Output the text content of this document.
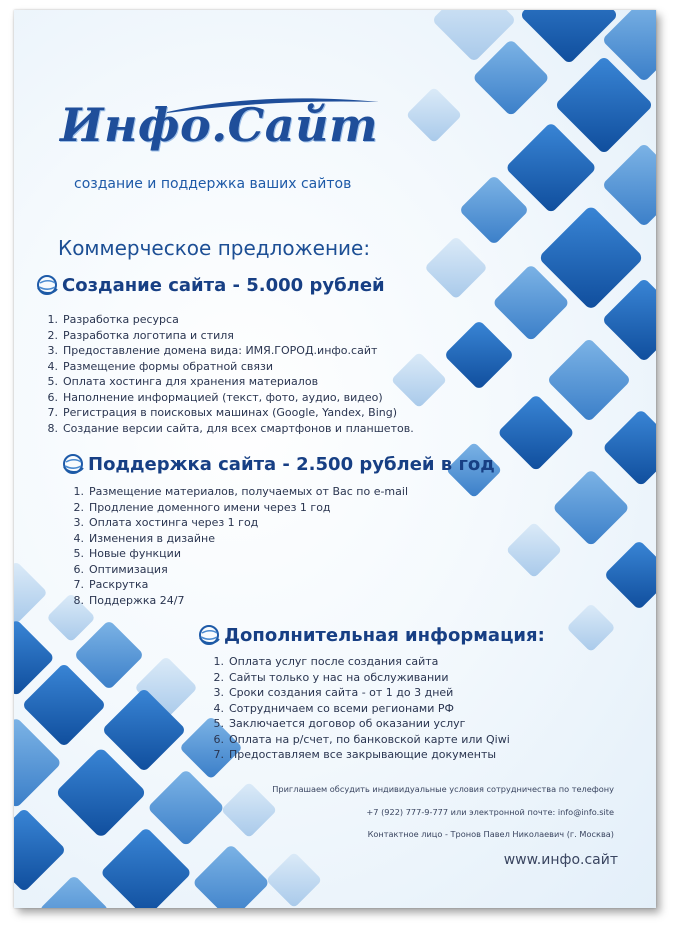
Инфо.Сайт
создание и поддержка ваших сайтов
Коммерческое предложение:
Создание сайта - 5.000 рублей
1. Разработка ресурса
2. Разработка логотипа и стиля
3. Предоставление домена вида: ИМЯ.ГОРОД.инфо.сайт
4. Размещение формы обратной связи
5. Оплата хостинга для хранения материалов
6. Наполнение информацией (текст, фото, аудио, видео)
7. Регистрация в поисковых машинах (Google, Yandex, Bing)
8. Создание версии сайта, для всех смартфонов и планшетов.
Поддержка сайта - 2.500 рублей в год
1. Размещение материалов, получаемых от Вас по e-mail
2. Продление доменного имени через 1 год
3. Оплата хостинга через 1 год
4. Изменения в дизайне
5. Новые функции
6. Оптимизация
7. Раскрутка
8. Поддержка 24/7
Дополнительная информация:
1. Оплата услуг после создания сайта
2. Сайты только у нас на обслуживании
3. Сроки создания сайта - от 1 до 3 дней
4. Сотрудничаем со всеми регионами РФ
5. Заключается договор об оказании услуг
6. Оплата на р/счет, по банковской карте или Qiwi
7. Предоставляем все закрывающие документы
Приглашаем обсудить индивидуальные условия сотрудничества по телефону
+7 (922) 777-9-777 или электронной почте: info@info.site
Контактное лицо - Тронов Павел Николаевич (г. Москва)
www.инфо.сайт
